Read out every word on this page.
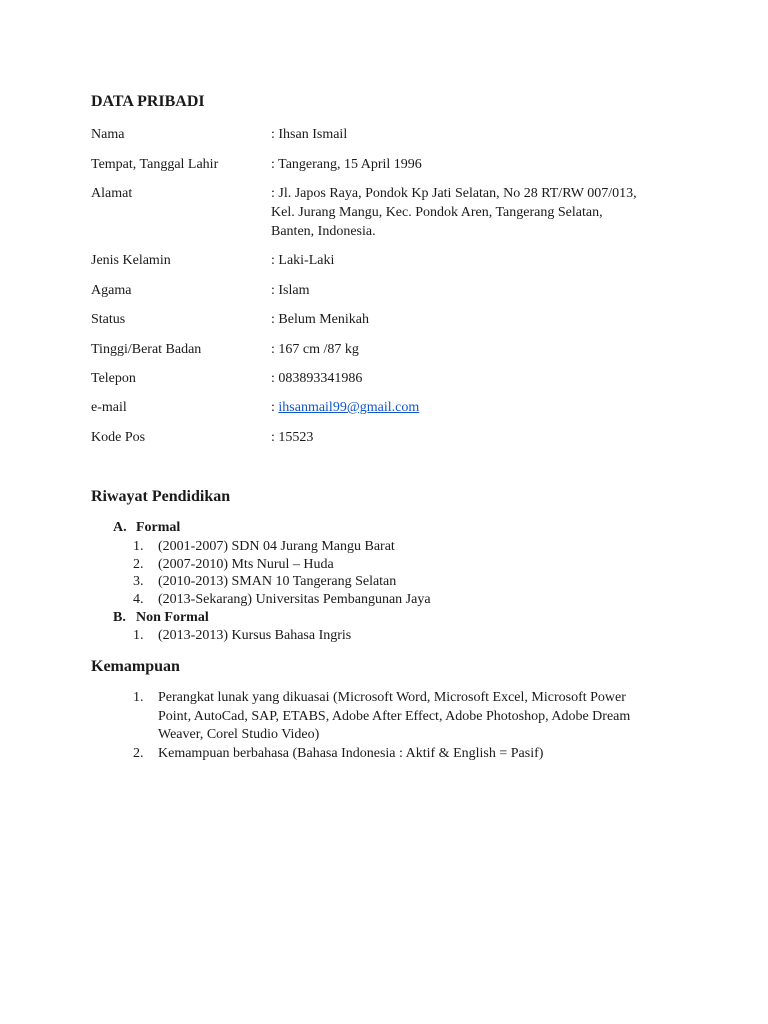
DATA PRIBADI
Nama	: Ihsan Ismail
Tempat, Tanggal Lahir	: Tangerang, 15 April 1996
Alamat	: Jl. Japos Raya, Pondok Kp Jati Selatan, No 28 RT/RW 007/013,
Kel. Jurang Mangu, Kec. Pondok Aren, Tangerang Selatan,
Banten, Indonesia.
Jenis Kelamin	: Laki-Laki
Agama	: Islam
Status	: Belum Menikah
Tinggi/Berat Badan	: 167 cm /87 kg
Telepon	: 083893341986
e-mail	: ihsanmail99@gmail.com
Kode Pos	: 15523
Riwayat Pendidikan
A. Formal
1. (2001-2007) SDN 04 Jurang Mangu Barat
2. (2007-2010) Mts Nurul – Huda
3. (2010-2013) SMAN 10 Tangerang Selatan
4. (2013-Sekarang) Universitas Pembangunan Jaya
B. Non Formal
1. (2013-2013) Kursus Bahasa Ingris
Kemampuan
1. Perangkat lunak yang dikuasai (Microsoft Word, Microsoft Excel, Microsoft Power
Point, AutoCad, SAP, ETABS, Adobe After Effect, Adobe Photoshop, Adobe Dream
Weaver, Corel Studio Video)
2. Kemampuan berbahasa (Bahasa Indonesia : Aktif & English = Pasif)
